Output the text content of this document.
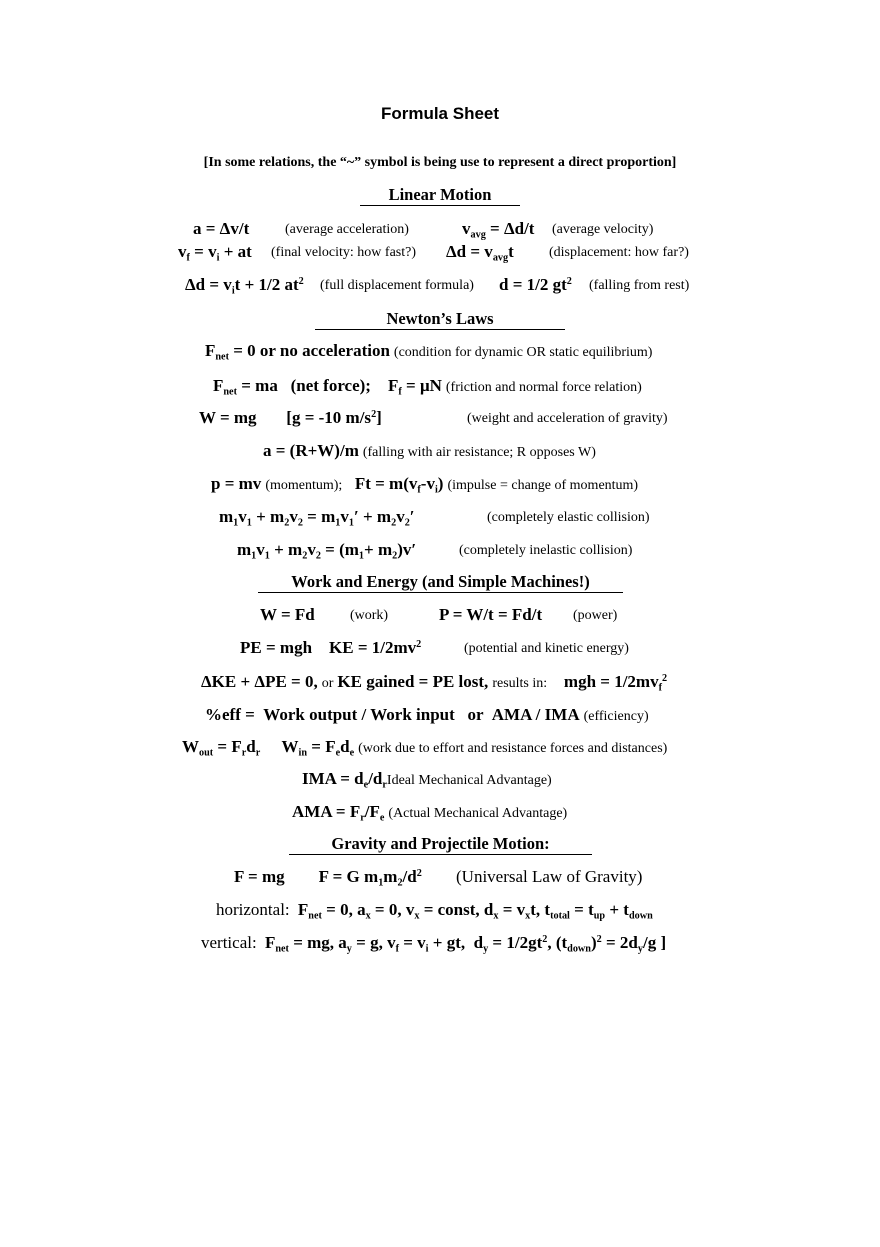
Formula Sheet
[In some relations, the “~” symbol is being use to represent a direct proportion]
Linear Motion
a = Δv/t	(average acceleration)	$v_{avg} = \Delta d/t$ (average velocity)
$v_f = v_i$ + at (final velocity: how fast?) $\Delta d = v_{avg}t$	(displacement: how far?)
$\Delta d = v_it + 1/2$ $at^2$ (full displacement formula) d = 1/2 $gt^2$ (falling from rest)
Newton’s Laws
$F_{net} = 0$ or no acceleration (condition for dynamic OR static equilibrium)
$F_{net}$ = ma   (net force);    $F_f = \mu N$ (friction and normal force relation)
W = mg       [g = -10 $m/s^2$]	(weight and acceleration of gravity)
a = (R+W)/m (falling with air resistance; R opposes W)
p = mv (momentum);   $Ft = m(v_f-v_i)$ (impulse = change of momentum)
$m_1v_1 + m_2v_2 = m_1v_1' + m_2v_2'$	(completely elastic collision)
$m_1v_1 + m_2v_2 = (m_1+ m_2)v'$	(completely inelastic collision)
Work and Energy (and Simple Machines!)
W = Fd	(work)	P = W/t = Fd/t (power)
PE = mgh    KE = $1/2mv^2$	(potential and kinetic energy)
ΔKE + ΔPE = 0, or KE gained = PE lost, results in:    mgh = $1/2mv_f^2$
%eff =  Work output / Work input   or  AMA / IMA (efficiency)
$W_{out} = F_rd_r$     $W_{in} = F_ed_e$ (work due to effort and resistance forces and distances)
IMA = $d_e/d_rIdeal$ Mechanical Advantage)
AMA = $F_r/F_e$ (Actual Mechanical Advantage)
Gravity and Projectile Motion:
F = mg        F = G $m_1m_2/d^2$ (Universal Law of Gravity)
horizontal:  $F_{net} = 0$, $a_x = 0$, $v_x$ = const, $d_x = v_xt$, $t_{total} = t_{up} + t_{down}$
vertical:  $F_{net}$ = mg, $a_y = g$, $v_f = v_i$ + gt,  $d_y = 1/2gt^2$, $(t_{down})^2 = 2d_y/g$ ]
